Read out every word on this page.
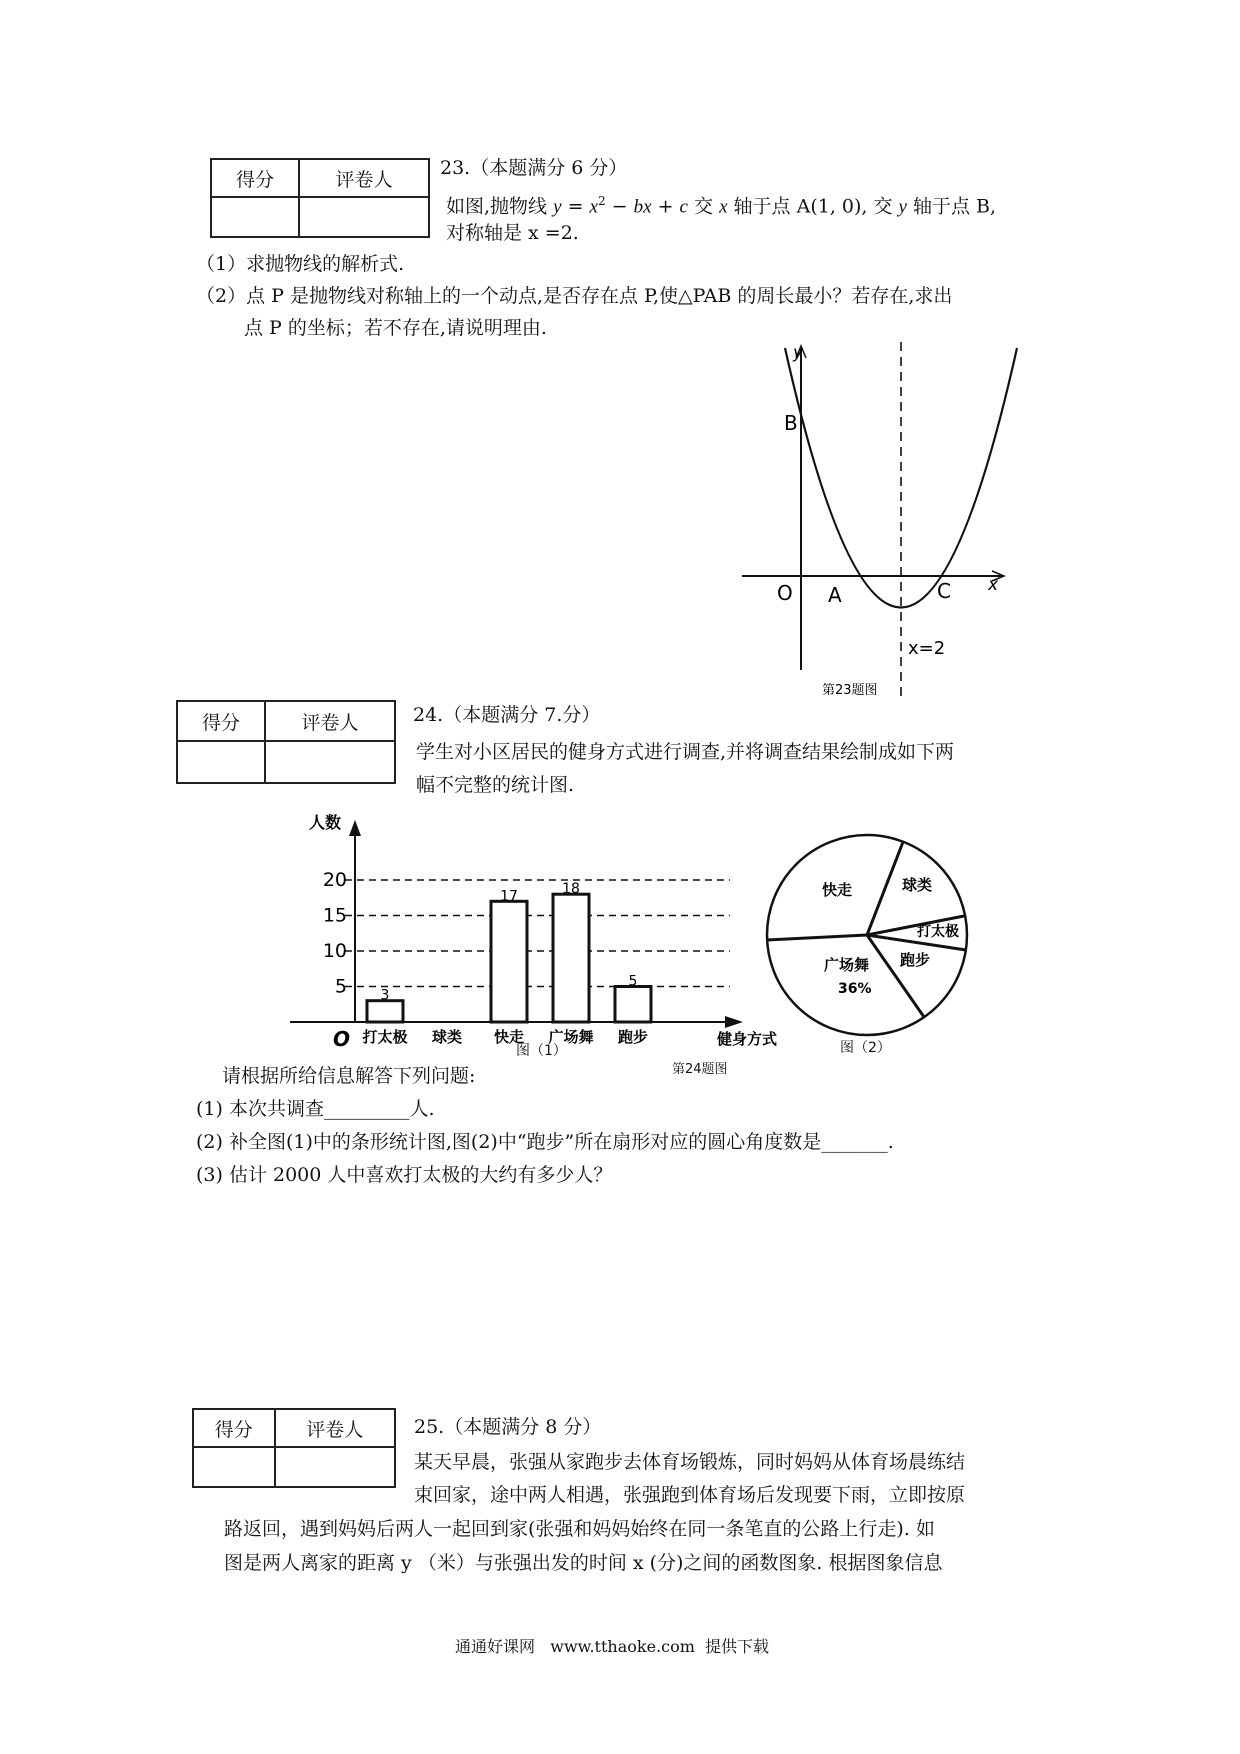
得分	评卷人

23.（本题满分 6 分）
如图,抛物线 $y = x^2$ − bx + c 交 x 轴于点 A(1, 0), 交 y 轴于点 B,
对称轴是 x =2.
（1）求抛物线的解析式.
（2）点 P 是抛物线对称轴上的一个动点,是否存在点 P,使△PAB 的周长最小？若存在,求出
点 P 的坐标；若不存在,请说明理由.
y
x
O A
B
C
x=2
第23题图
得分	评卷人
		24.（本题满分 7.分）
学生对小区居民的健身方式进行调查,并将调查结果绘制成如下两
幅不完整的统计图.
5
10
15
20
3
打太极 球类
17
快走
18
广场舞
5
跑步
人数
O	健身方式
图（1）
第24题图
图（2）
快走	球类
打太极
跑步
广场舞
36%
请根据所给信息解答下列问题:
(1) 本次共调查_________人.
(2) 补全图(1)中的条形统计图,图(2)中“跑步”所在扇形对应的圆心角度数是_______.
(3) 估计 2000 人中喜欢打太极的大约有多少人？
得分	评卷人
		25.（本题满分 8 分）
某天早晨，张强从家跑步去体育场锻炼，同时妈妈从体育场晨练结
束回家，途中两人相遇，张强跑到体育场后发现要下雨，立即按原
路返回，遇到妈妈后两人一起回到家(张强和妈妈始终在同一条笔直的公路上行走). 如
图是两人离家的距离 y （米）与张强出发的时间 x (分)之间的函数图象. 根据图象信息
通通好课网   www.tthaoke.com  提供下载
